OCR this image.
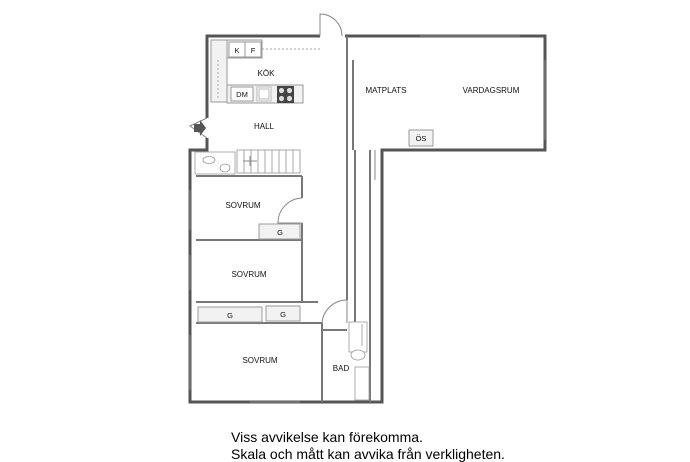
KÖK
MATPLATS	VARDAGSRUM
HALL
SOVRUM
SOVRUM
SOVRUM
BAD
K F
DM
ÖS
G
G	G
Viss avvikelse kan förekomma.
Skala och mått kan avvika från verkligheten.
